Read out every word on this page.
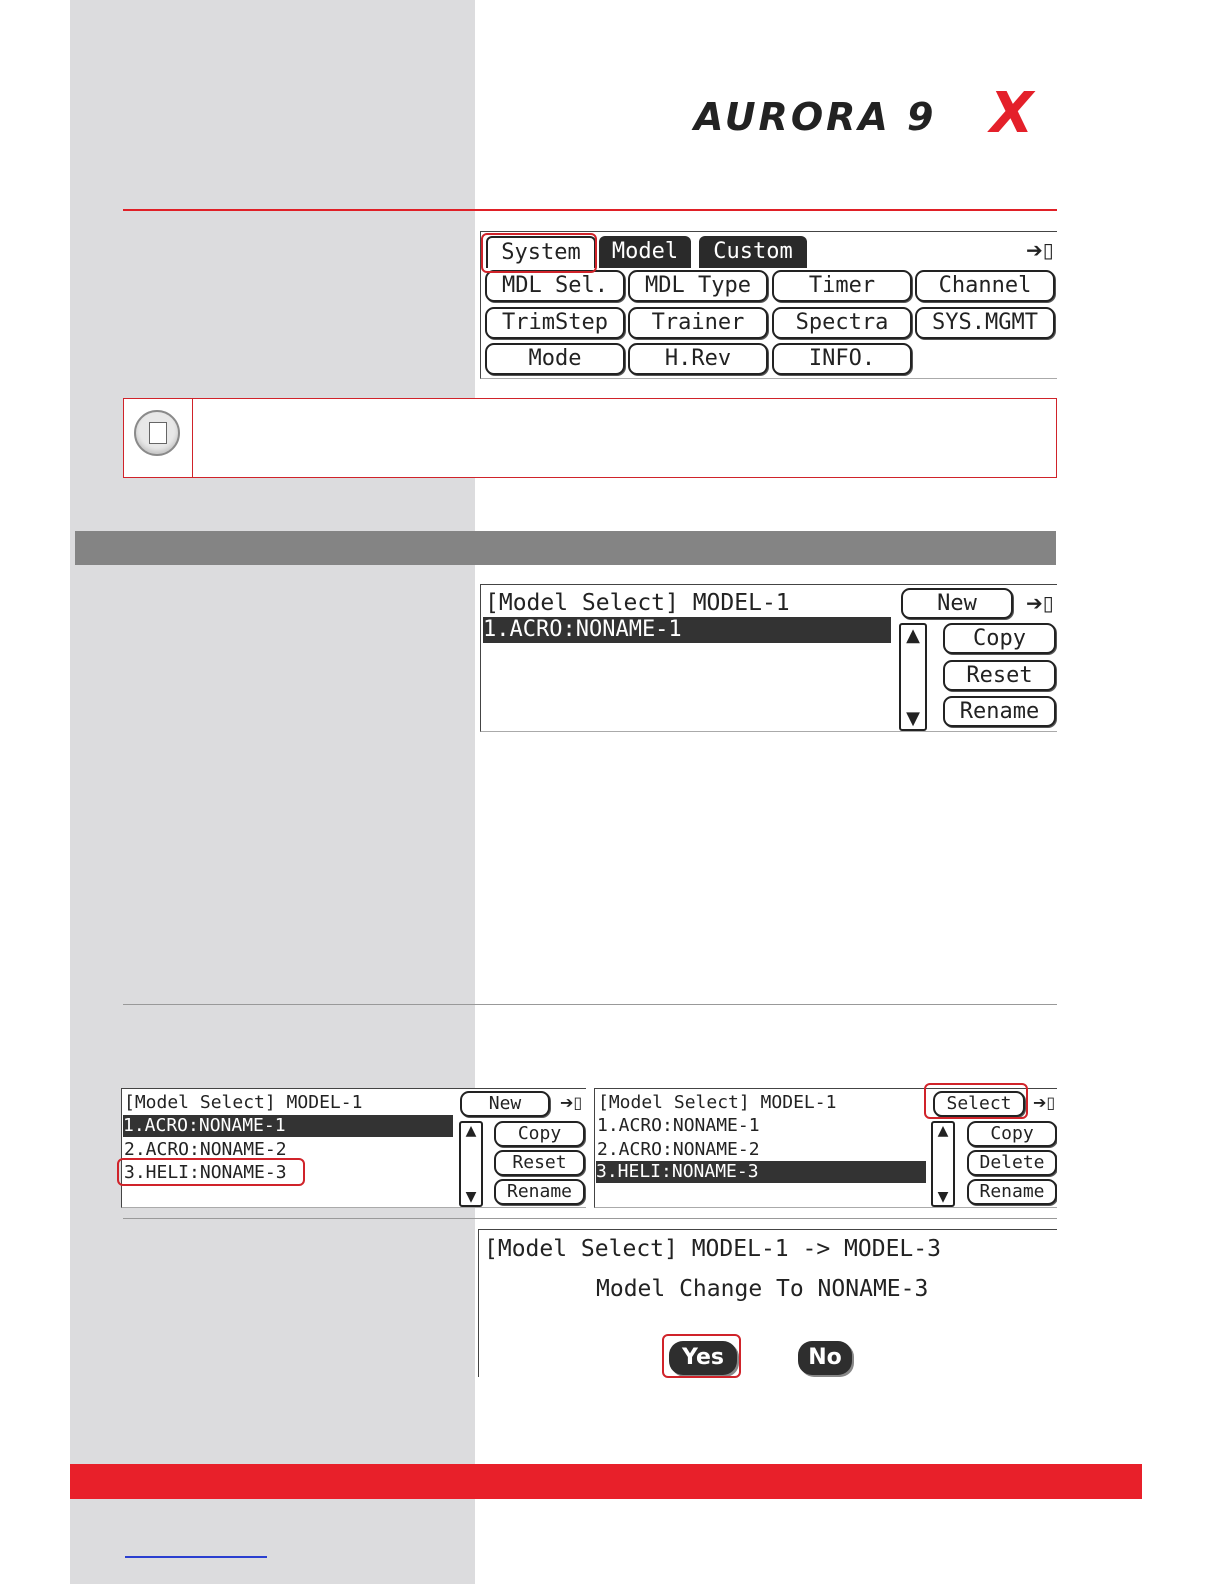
AURORA 9 X
System	Model	Custom	➔▯
MDL Sel.	MDL Type	Timer	Channel
TrimStep	Trainer	Spectra	SYS.MGMT
Mode	H.Rev	INFO.
[Model Select] MODEL-1
1.ACRO:NONAME-1
New	➔▯
▲
▼
Copy
Reset
Rename
[Model Select] MODEL-1
1.ACRO:NONAME-1
2.ACRO:NONAME-2
3.HELI:NONAME-3
New	➔▯
▲
▼
Copy
Reset
Rename
[Model Select] MODEL-1
1.ACRO:NONAME-1
2.ACRO:NONAME-2
3.HELI:NONAME-3
Select	➔▯
▲
▼
Copy
Delete
Rename
[Model Select] MODEL-1 -> MODEL-3
Model Change To NONAME-3
Yes	No
